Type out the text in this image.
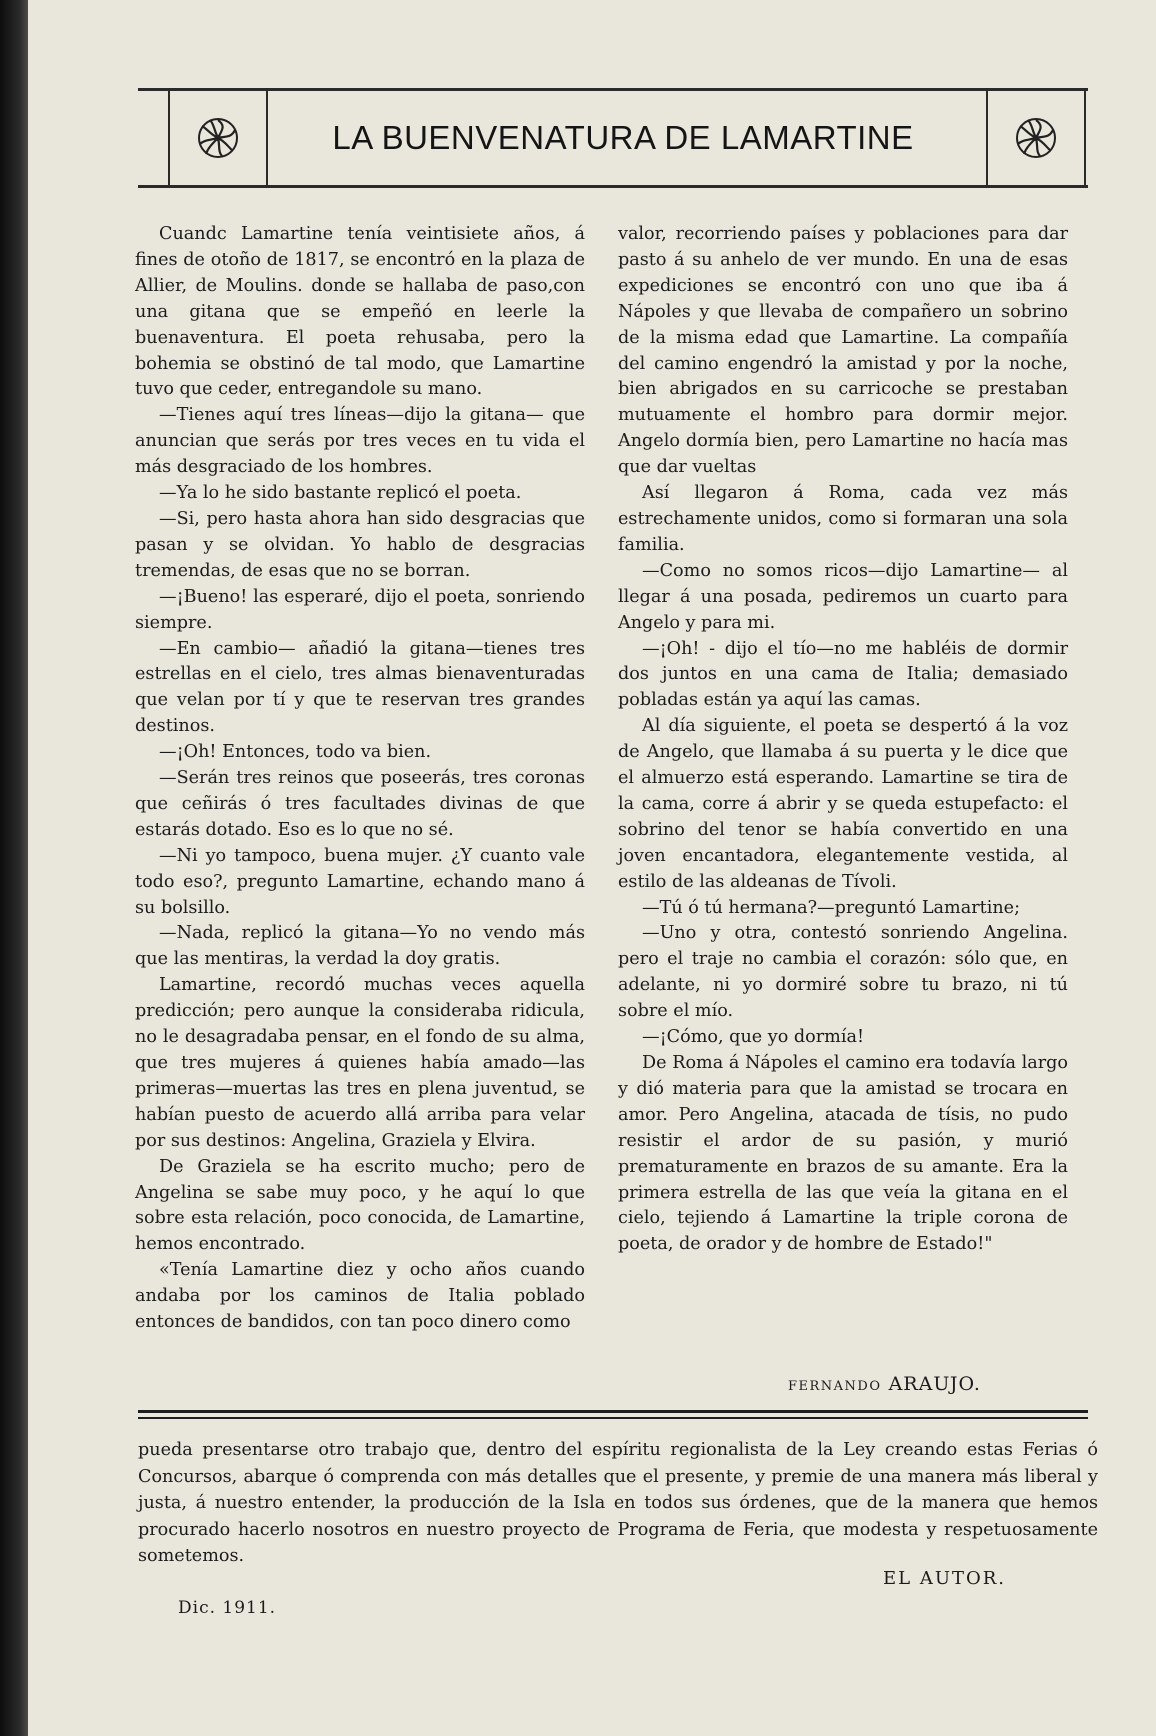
LA BUENVENATURA DE LAMARTINE

Cuandc Lamartine tenía veintisiete años, á fines de otoño de 1817, se encontró en la plaza de Allier, de Moulins. donde se hallaba de paso,con una gitana que se empeñó en leerle la buenaventura. El poeta rehusaba, pero la bohemia se obstinó de tal modo, que Lamartine tuvo que ceder, entregandole su mano.

—Tienes aquí tres líneas—dijo la gitana— que anuncian que serás por tres veces en tu vida el más desgraciado de los hombres.

—Ya lo he sido bastante replicó el poeta.

—Si, pero hasta ahora han sido desgracias que pasan y se olvidan. Yo hablo de desgracias tremendas, de esas que no se borran.

—¡Bueno! las esperaré, dijo el poeta, sonriendo siempre.

—En cambio— añadió la gitana—tienes tres estrellas en el cielo, tres almas bienaventuradas que velan por tí y que te reservan tres grandes destinos.

—¡Oh! Entonces, todo va bien.

—Serán tres reinos que poseerás, tres coronas que ceñirás ó tres facultades divinas de que estarás dotado. Eso es lo que no sé.

—Ni yo tampoco, buena mujer. ¿Y cuanto vale todo eso?, pregunto Lamartine, echando mano á su bolsillo.

—Nada, replicó la gitana—Yo no vendo más que las mentiras, la verdad la doy gratis.

Lamartine, recordó muchas veces aquella predicción; pero aunque la consideraba ridicula, no le desagradaba pensar, en el fondo de su alma, que tres mujeres á quienes había amado—las primeras—muertas las tres en plena juventud, se habían puesto de acuerdo allá arriba para velar por sus destinos: Angelina, Graziela y Elvira.

De Graziela se ha escrito mucho; pero de Angelina se sabe muy poco, y he aquí lo que sobre esta relación, poco conocida, de Lamartine, hemos encontrado.

«Tenía Lamartine diez y ocho años cuando andaba por los caminos de Italia poblado entonces de bandidos, con tan poco dinero como

valor, recorriendo países y poblaciones para dar pasto á su anhelo de ver mundo. En una de esas expediciones se encontró con uno que iba á Nápoles y que llevaba de compañero un sobrino de la misma edad que Lamartine. La compañía del camino engendró la amistad y por la noche, bien abrigados en su carricoche se prestaban mutuamente el hombro para dormir mejor. Angelo dormía bien, pero Lamartine no hacía mas que dar vueltas

Así llegaron á Roma, cada vez más estrechamente unidos, como si formaran una sola familia.

—Como no somos ricos—dijo Lamartine— al llegar á una posada, pediremos un cuarto para Angelo y para mi.

—¡Oh! - dijo el tío—no me habléis de dormir dos juntos en una cama de Italia; demasiado pobladas están ya aquí las camas.

Al día siguiente, el poeta se despertó á la voz de Angelo, que llamaba á su puerta y le dice que el almuerzo está esperando. Lamartine se tira de la cama, corre á abrir y se queda estupefacto: el sobrino del tenor se había convertido en una joven encantadora, elegantemente vestida, al estilo de las aldeanas de Tívoli.

—Tú ó tú hermana?—preguntó Lamartine;

—Uno y otra, contestó sonriendo Angelina. pero el traje no cambia el corazón: sólo que, en adelante, ni yo dormiré sobre tu brazo, ni tú sobre el mío.

—¡Cómo, que yo dormía!

De Roma á Nápoles el camino era todavía largo y dió materia para que la amistad se trocara en amor. Pero Angelina, atacada de tísis, no pudo resistir el ardor de su pasión, y murió prematuramente en brazos de su amante. Era la primera estrella de las que veía la gitana en el cielo, tejiendo á Lamartine la triple corona de poeta, de orador y de hombre de Estado!"

FERNANDO ARAUJO.

pueda presentarse otro trabajo que, dentro del espíritu regionalista de la Ley creando estas Ferias ó Concursos, abarque ó comprenda con más detalles que el presente, y premie de una manera más liberal y justa, á nuestro entender, la producción de la Isla en todos sus órdenes, que de la manera que hemos procurado hacerlo nosotros en nuestro proyecto de Programa de Feria, que modesta y respetuosamente sometemos.

EL AUTOR.
Dic. 1911.
